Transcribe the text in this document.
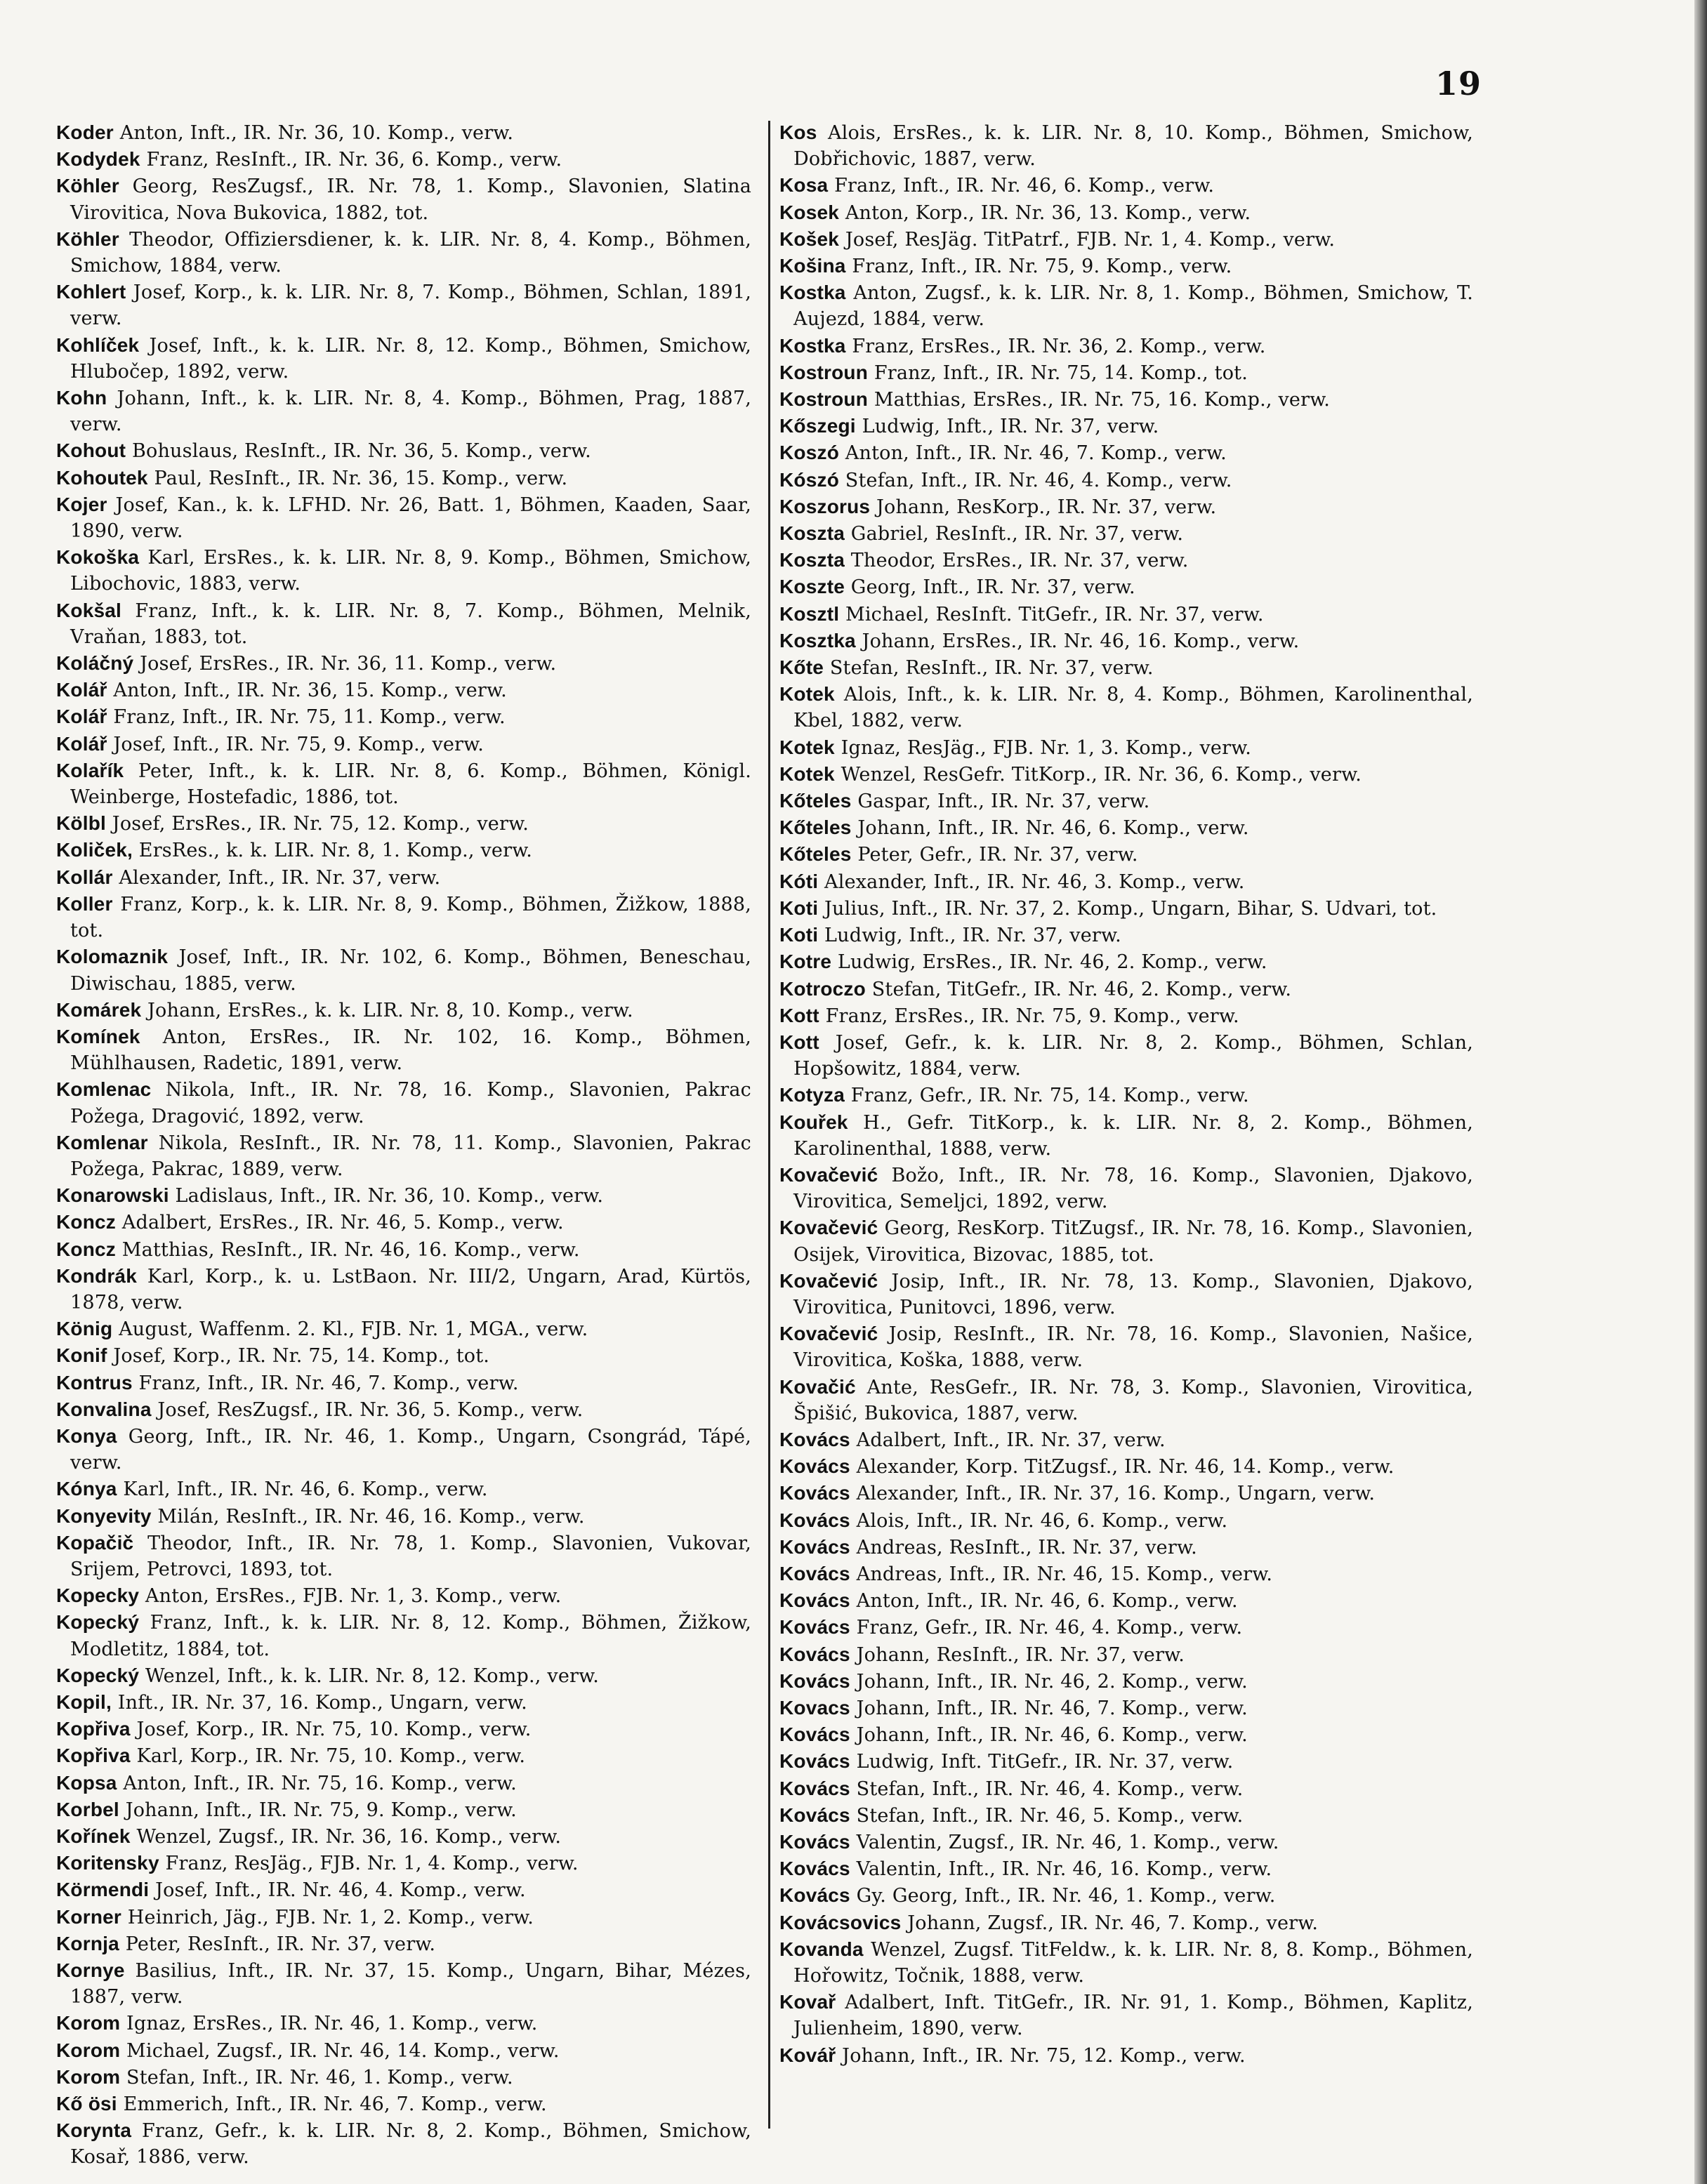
19
Koder Anton, Inft., IR. Nr. 36, 10. Komp., verw.
Kodydek Franz, ResInft., IR. Nr. 36, 6. Komp., verw.
Köhler Georg, ResZugsf., IR. Nr. 78, 1. Komp., Slavonien, Slatina Virovitica, Nova Bukovica, 1882, tot.
Köhler Theodor, Offiziersdiener, k. k. LIR. Nr. 8, 4. Komp., Böhmen, Smichow, 1884, verw.
Kohlert Josef, Korp., k. k. LIR. Nr. 8, 7. Komp., Böhmen, Schlan, 1891, verw.
Kohlíček Josef, Inft., k. k. LIR. Nr. 8, 12. Komp., Böhmen, Smichow, Hlubočep, 1892, verw.
Kohn Johann, Inft., k. k. LIR. Nr. 8, 4. Komp., Böhmen, Prag, 1887, verw.
Kohout Bohuslaus, ResInft., IR. Nr. 36, 5. Komp., verw.
Kohoutek Paul, ResInft., IR. Nr. 36, 15. Komp., verw.
Kojer Josef, Kan., k. k. LFHD. Nr. 26, Batt. 1, Böhmen, Kaaden, Saar, 1890, verw.
Kokoška Karl, ErsRes., k. k. LIR. Nr. 8, 9. Komp., Böhmen, Smichow, Libochovic, 1883, verw.
Kokšal Franz, Inft., k. k. LIR. Nr. 8, 7. Komp., Böhmen, Melnik, Vraňan, 1883, tot.
Koláčný Josef, ErsRes., IR. Nr. 36, 11. Komp., verw.
Kolář Anton, Inft., IR. Nr. 36, 15. Komp., verw.
Kolář Franz, Inft., IR. Nr. 75, 11. Komp., verw.
Kolář Josef, Inft., IR. Nr. 75, 9. Komp., verw.
Kolařík Peter, Inft., k. k. LIR. Nr. 8, 6. Komp., Böhmen, Königl. Weinberge, Hostefadic, 1886, tot.
Kölbl Josef, ErsRes., IR. Nr. 75, 12. Komp., verw.
Količek, ErsRes., k. k. LIR. Nr. 8, 1. Komp., verw.
Kollár Alexander, Inft., IR. Nr. 37, verw.
Koller Franz, Korp., k. k. LIR. Nr. 8, 9. Komp., Böhmen, Žižkow, 1888, tot.
Kolomaznik Josef, Inft., IR. Nr. 102, 6. Komp., Böhmen, Beneschau, Diwischau, 1885, verw.
Komárek Johann, ErsRes., k. k. LIR. Nr. 8, 10. Komp., verw.
Komínek Anton, ErsRes., IR. Nr. 102, 16. Komp., Böhmen, Mühlhausen, Radetic, 1891, verw.
Komlenac Nikola, Inft., IR. Nr. 78, 16. Komp., Slavonien, Pakrac Požega, Dragović, 1892, verw.
Komlenar Nikola, ResInft., IR. Nr. 78, 11. Komp., Slavonien, Pakrac Požega, Pakrac, 1889, verw.
Konarowski Ladislaus, Inft., IR. Nr. 36, 10. Komp., verw.
Koncz Adalbert, ErsRes., IR. Nr. 46, 5. Komp., verw.
Koncz Matthias, ResInft., IR. Nr. 46, 16. Komp., verw.
Kondrák Karl, Korp., k. u. LstBaon. Nr. III/2, Ungarn, Arad, Kürtös, 1878, verw.
König August, Waffenm. 2. Kl., FJB. Nr. 1, MGA., verw.
Konif Josef, Korp., IR. Nr. 75, 14. Komp., tot.
Kontrus Franz, Inft., IR. Nr. 46, 7. Komp., verw.
Konvalina Josef, ResZugsf., IR. Nr. 36, 5. Komp., verw.
Konya Georg, Inft., IR. Nr. 46, 1. Komp., Ungarn, Csongrád, Tápé, verw.
Kónya Karl, Inft., IR. Nr. 46, 6. Komp., verw.
Konyevity Milán, ResInft., IR. Nr. 46, 16. Komp., verw.
Kopačič Theodor, Inft., IR. Nr. 78, 1. Komp., Slavonien, Vukovar, Srijem, Petrovci, 1893, tot.
Kopecky Anton, ErsRes., FJB. Nr. 1, 3. Komp., verw.
Kopecký Franz, Inft., k. k. LIR. Nr. 8, 12. Komp., Böhmen, Žižkow, Modletitz, 1884, tot.
Kopecký Wenzel, Inft., k. k. LIR. Nr. 8, 12. Komp., verw.
Kopil, Inft., IR. Nr. 37, 16. Komp., Ungarn, verw.
Kopřiva Josef, Korp., IR. Nr. 75, 10. Komp., verw.
Kopřiva Karl, Korp., IR. Nr. 75, 10. Komp., verw.
Kopsa Anton, Inft., IR. Nr. 75, 16. Komp., verw.
Korbel Johann, Inft., IR. Nr. 75, 9. Komp., verw.
Kořínek Wenzel, Zugsf., IR. Nr. 36, 16. Komp., verw.
Koritensky Franz, ResJäg., FJB. Nr. 1, 4. Komp., verw.
Körmendi Josef, Inft., IR. Nr. 46, 4. Komp., verw.
Korner Heinrich, Jäg., FJB. Nr. 1, 2. Komp., verw.
Kornja Peter, ResInft., IR. Nr. 37, verw.
Kornye Basilius, Inft., IR. Nr. 37, 15. Komp., Ungarn, Bihar, Mézes, 1887, verw.
Korom Ignaz, ErsRes., IR. Nr. 46, 1. Komp., verw.
Korom Michael, Zugsf., IR. Nr. 46, 14. Komp., verw.
Korom Stefan, Inft., IR. Nr. 46, 1. Komp., verw.
Kő ösi Emmerich, Inft., IR. Nr. 46, 7. Komp., verw.
Korynta Franz, Gefr., k. k. LIR. Nr. 8, 2. Komp., Böhmen, Smichow, Kosař, 1886, verw.
Kos Alois, ErsRes., k. k. LIR. Nr. 8, 10. Komp., Böhmen, Smichow, Dobřichovic, 1887, verw.
Kosa Franz, Inft., IR. Nr. 46, 6. Komp., verw.
Kosek Anton, Korp., IR. Nr. 36, 13. Komp., verw.
Košek Josef, ResJäg. TitPatrf., FJB. Nr. 1, 4. Komp., verw.
Košina Franz, Inft., IR. Nr. 75, 9. Komp., verw.
Kostka Anton, Zugsf., k. k. LIR. Nr. 8, 1. Komp., Böhmen, Smichow, T. Aujezd, 1884, verw.
Kostka Franz, ErsRes., IR. Nr. 36, 2. Komp., verw.
Kostroun Franz, Inft., IR. Nr. 75, 14. Komp., tot.
Kostroun Matthias, ErsRes., IR. Nr. 75, 16. Komp., verw.
Kőszegi Ludwig, Inft., IR. Nr. 37, verw.
Koszó Anton, Inft., IR. Nr. 46, 7. Komp., verw.
Kószó Stefan, Inft., IR. Nr. 46, 4. Komp., verw.
Koszorus Johann, ResKorp., IR. Nr. 37, verw.
Koszta Gabriel, ResInft., IR. Nr. 37, verw.
Koszta Theodor, ErsRes., IR. Nr. 37, verw.
Koszte Georg, Inft., IR. Nr. 37, verw.
Kosztl Michael, ResInft. TitGefr., IR. Nr. 37, verw.
Kosztka Johann, ErsRes., IR. Nr. 46, 16. Komp., verw.
Kőte Stefan, ResInft., IR. Nr. 37, verw.
Kotek Alois, Inft., k. k. LIR. Nr. 8, 4. Komp., Böhmen, Karolinenthal, Kbel, 1882, verw.
Kotek Ignaz, ResJäg., FJB. Nr. 1, 3. Komp., verw.
Kotek Wenzel, ResGefr. TitKorp., IR. Nr. 36, 6. Komp., verw.
Kőteles Gaspar, Inft., IR. Nr. 37, verw.
Kőteles Johann, Inft., IR. Nr. 46, 6. Komp., verw.
Kőteles Peter, Gefr., IR. Nr. 37, verw.
Kóti Alexander, Inft., IR. Nr. 46, 3. Komp., verw.
Koti Julius, Inft., IR. Nr. 37, 2. Komp., Ungarn, Bihar, S. Udvari, tot.
Koti Ludwig, Inft., IR. Nr. 37, verw.
Kotre Ludwig, ErsRes., IR. Nr. 46, 2. Komp., verw.
Kotroczo Stefan, TitGefr., IR. Nr. 46, 2. Komp., verw.
Kott Franz, ErsRes., IR. Nr. 75, 9. Komp., verw.
Kott Josef, Gefr., k. k. LIR. Nr. 8, 2. Komp., Böhmen, Schlan, Hopšowitz, 1884, verw.
Kotyza Franz, Gefr., IR. Nr. 75, 14. Komp., verw.
Kouřek H., Gefr. TitKorp., k. k. LIR. Nr. 8, 2. Komp., Böhmen, Karolinenthal, 1888, verw.
Kovačević Božo, Inft., IR. Nr. 78, 16. Komp., Slavonien, Djakovo, Virovitica, Semeljci, 1892, verw.
Kovačević Georg, ResKorp. TitZugsf., IR. Nr. 78, 16. Komp., Slavonien, Osijek, Virovitica, Bizovac, 1885, tot.
Kovačević Josip, Inft., IR. Nr. 78, 13. Komp., Slavonien, Djakovo, Virovitica, Punitovci, 1896, verw.
Kovačević Josip, ResInft., IR. Nr. 78, 16. Komp., Slavonien, Našice, Virovitica, Koška, 1888, verw.
Kovačić Ante, ResGefr., IR. Nr. 78, 3. Komp., Slavonien, Virovitica, Špišić, Bukovica, 1887, verw.
Kovács Adalbert, Inft., IR. Nr. 37, verw.
Kovács Alexander, Korp. TitZugsf., IR. Nr. 46, 14. Komp., verw.
Kovács Alexander, Inft., IR. Nr. 37, 16. Komp., Ungarn, verw.
Kovács Alois, Inft., IR. Nr. 46, 6. Komp., verw.
Kovács Andreas, ResInft., IR. Nr. 37, verw.
Kovács Andreas, Inft., IR. Nr. 46, 15. Komp., verw.
Kovács Anton, Inft., IR. Nr. 46, 6. Komp., verw.
Kovács Franz, Gefr., IR. Nr. 46, 4. Komp., verw.
Kovács Johann, ResInft., IR. Nr. 37, verw.
Kovács Johann, Inft., IR. Nr. 46, 2. Komp., verw.
Kovacs Johann, Inft., IR. Nr. 46, 7. Komp., verw.
Kovács Johann, Inft., IR. Nr. 46, 6. Komp., verw.
Kovács Ludwig, Inft. TitGefr., IR. Nr. 37, verw.
Kovács Stefan, Inft., IR. Nr. 46, 4. Komp., verw.
Kovács Stefan, Inft., IR. Nr. 46, 5. Komp., verw.
Kovács Valentin, Zugsf., IR. Nr. 46, 1. Komp., verw.
Kovács Valentin, Inft., IR. Nr. 46, 16. Komp., verw.
Kovács Gy. Georg, Inft., IR. Nr. 46, 1. Komp., verw.
Kovácsovics Johann, Zugsf., IR. Nr. 46, 7. Komp., verw.
Kovanda Wenzel, Zugsf. TitFeldw., k. k. LIR. Nr. 8, 8. Komp., Böhmen, Hořowitz, Točnik, 1888, verw.
Kovař Adalbert, Inft. TitGefr., IR. Nr. 91, 1. Komp., Böhmen, Kaplitz, Julienheim, 1890, verw.
Kovář Johann, Inft., IR. Nr. 75, 12. Komp., verw.
